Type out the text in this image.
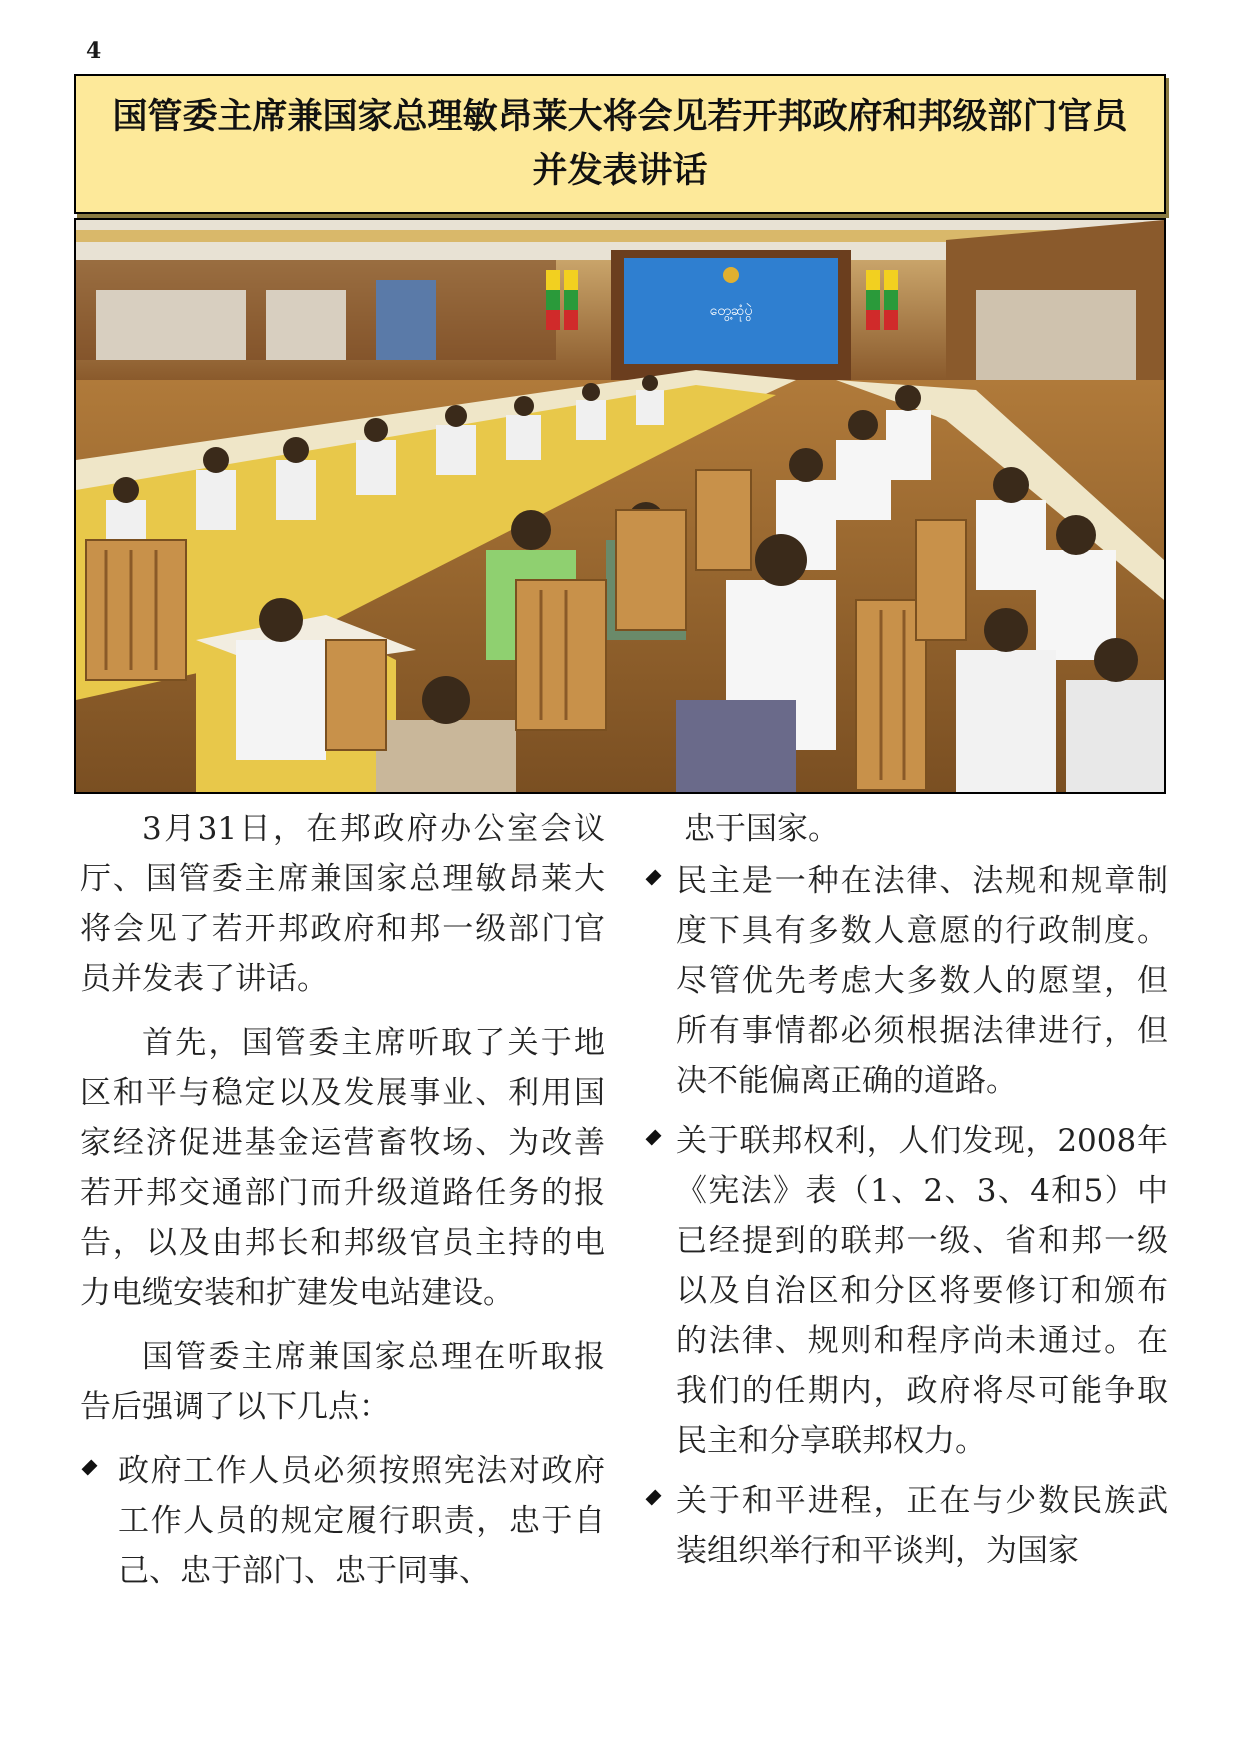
4
国管委主席兼国家总理敏昂莱大将会见若开邦政府和邦级部门官员并发表讲话
တွေ့ဆုံပွဲ

3月31日，在邦政府办公室会议厅、国管委主席兼国家总理敏昂莱大将会见了若开邦政府和邦一级部门官员并发表了讲话。

首先，国管委主席听取了关于地区和平与稳定以及发展事业、利用国家经济促进基金运营畜牧场、为改善若开邦交通部门而升级道路任务的报告，以及由邦长和邦级官员主持的电力电缆安装和扩建发电站建设。

国管委主席兼国家总理在听取报告后强调了以下几点：

政府工作人员必须按照宪法对政府工作人员的规定履行职责，忠于自己、忠于部门、忠于同事、

忠于国家。

民主是一种在法律、法规和规章制度下具有多数人意愿的行政制度。尽管优先考虑大多数人的愿望，但所有事情都必须根据法律进行，但决不能偏离正确的道路。
关于联邦权利，人们发现，2008年《宪法》表（1、2、3、4和5）中已经提到的联邦一级、省和邦一级以及自治区和分区将要修订和颁布的法律、规则和程序尚未通过。在我们的任期内，政府将尽可能争取民主和分享联邦权力。
关于和平进程，正在与少数民族武装组织举行和平谈判，为国家
